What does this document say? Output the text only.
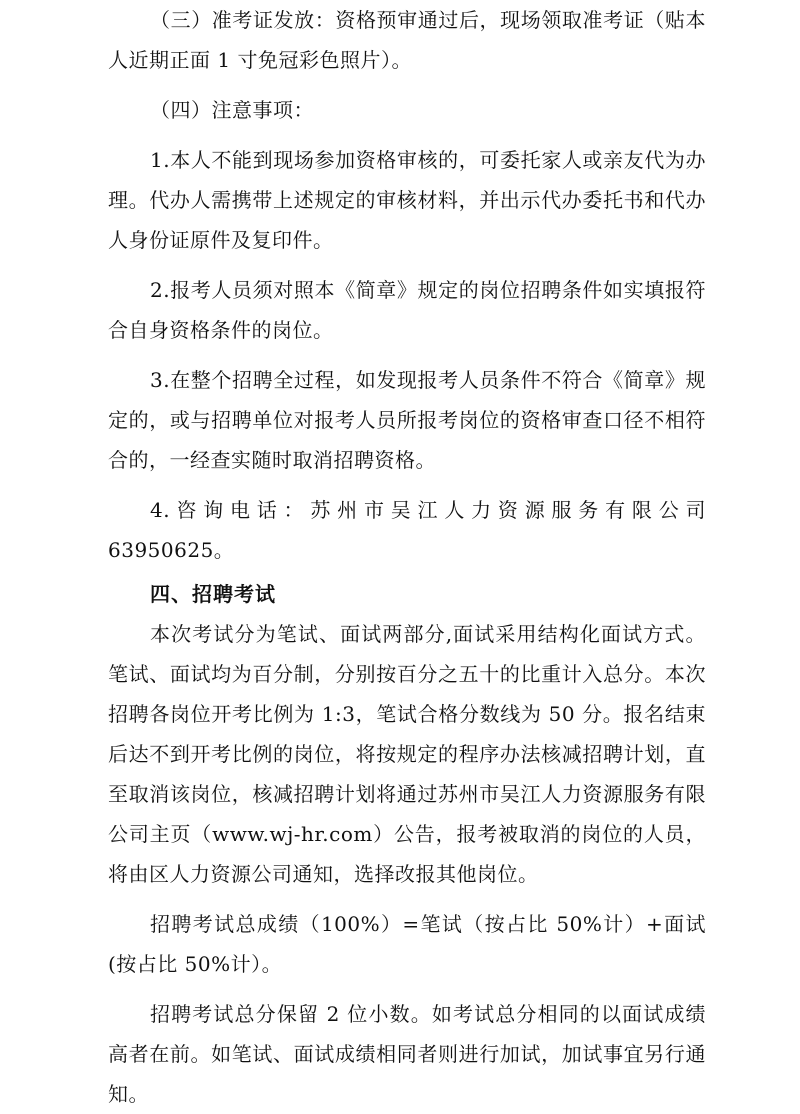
（三）准考证发放：资格预审通过后，现场领取准考证（贴本人近期正面 1 寸免冠彩色照片）。

（四）注意事项：

1.本人不能到现场参加资格审核的，可委托家人或亲友代为办理。代办人需携带上述规定的审核材料，并出示代办委托书和代办人身份证原件及复印件。

2.报考人员须对照本《简章》规定的岗位招聘条件如实填报符合自身资格条件的岗位。

3.在整个招聘全过程，如发现报考人员条件不符合《简章》规定的，或与招聘单位对报考人员所报考岗位的资格审查口径不相符合的，一经查实随时取消招聘资格。

4.咨询电话：苏州市吴江人力资源服务有限公司 63950625。

四、招聘考试

本次考试分为笔试、面试两部分,面试采用结构化面试方式。笔试、面试均为百分制，分别按百分之五十的比重计入总分。本次招聘各岗位开考比例为 1:3，笔试合格分数线为 50 分。报名结束后达不到开考比例的岗位，将按规定的程序办法核减招聘计划，直至取消该岗位，核减招聘计划将通过苏州市吴江人力资源服务有限公司主页（www.wj-hr.com）公告，报考被取消的岗位的人员，将由区人力资源公司通知，选择改报其他岗位。

招聘考试总成绩（100%）=笔试（按占比 50%计）+面试(按占比 50%计）。

招聘考试总分保留 2 位小数。如考试总分相同的以面试成绩高者在前。如笔试、面试成绩相同者则进行加试，加试事宜另行通知。
